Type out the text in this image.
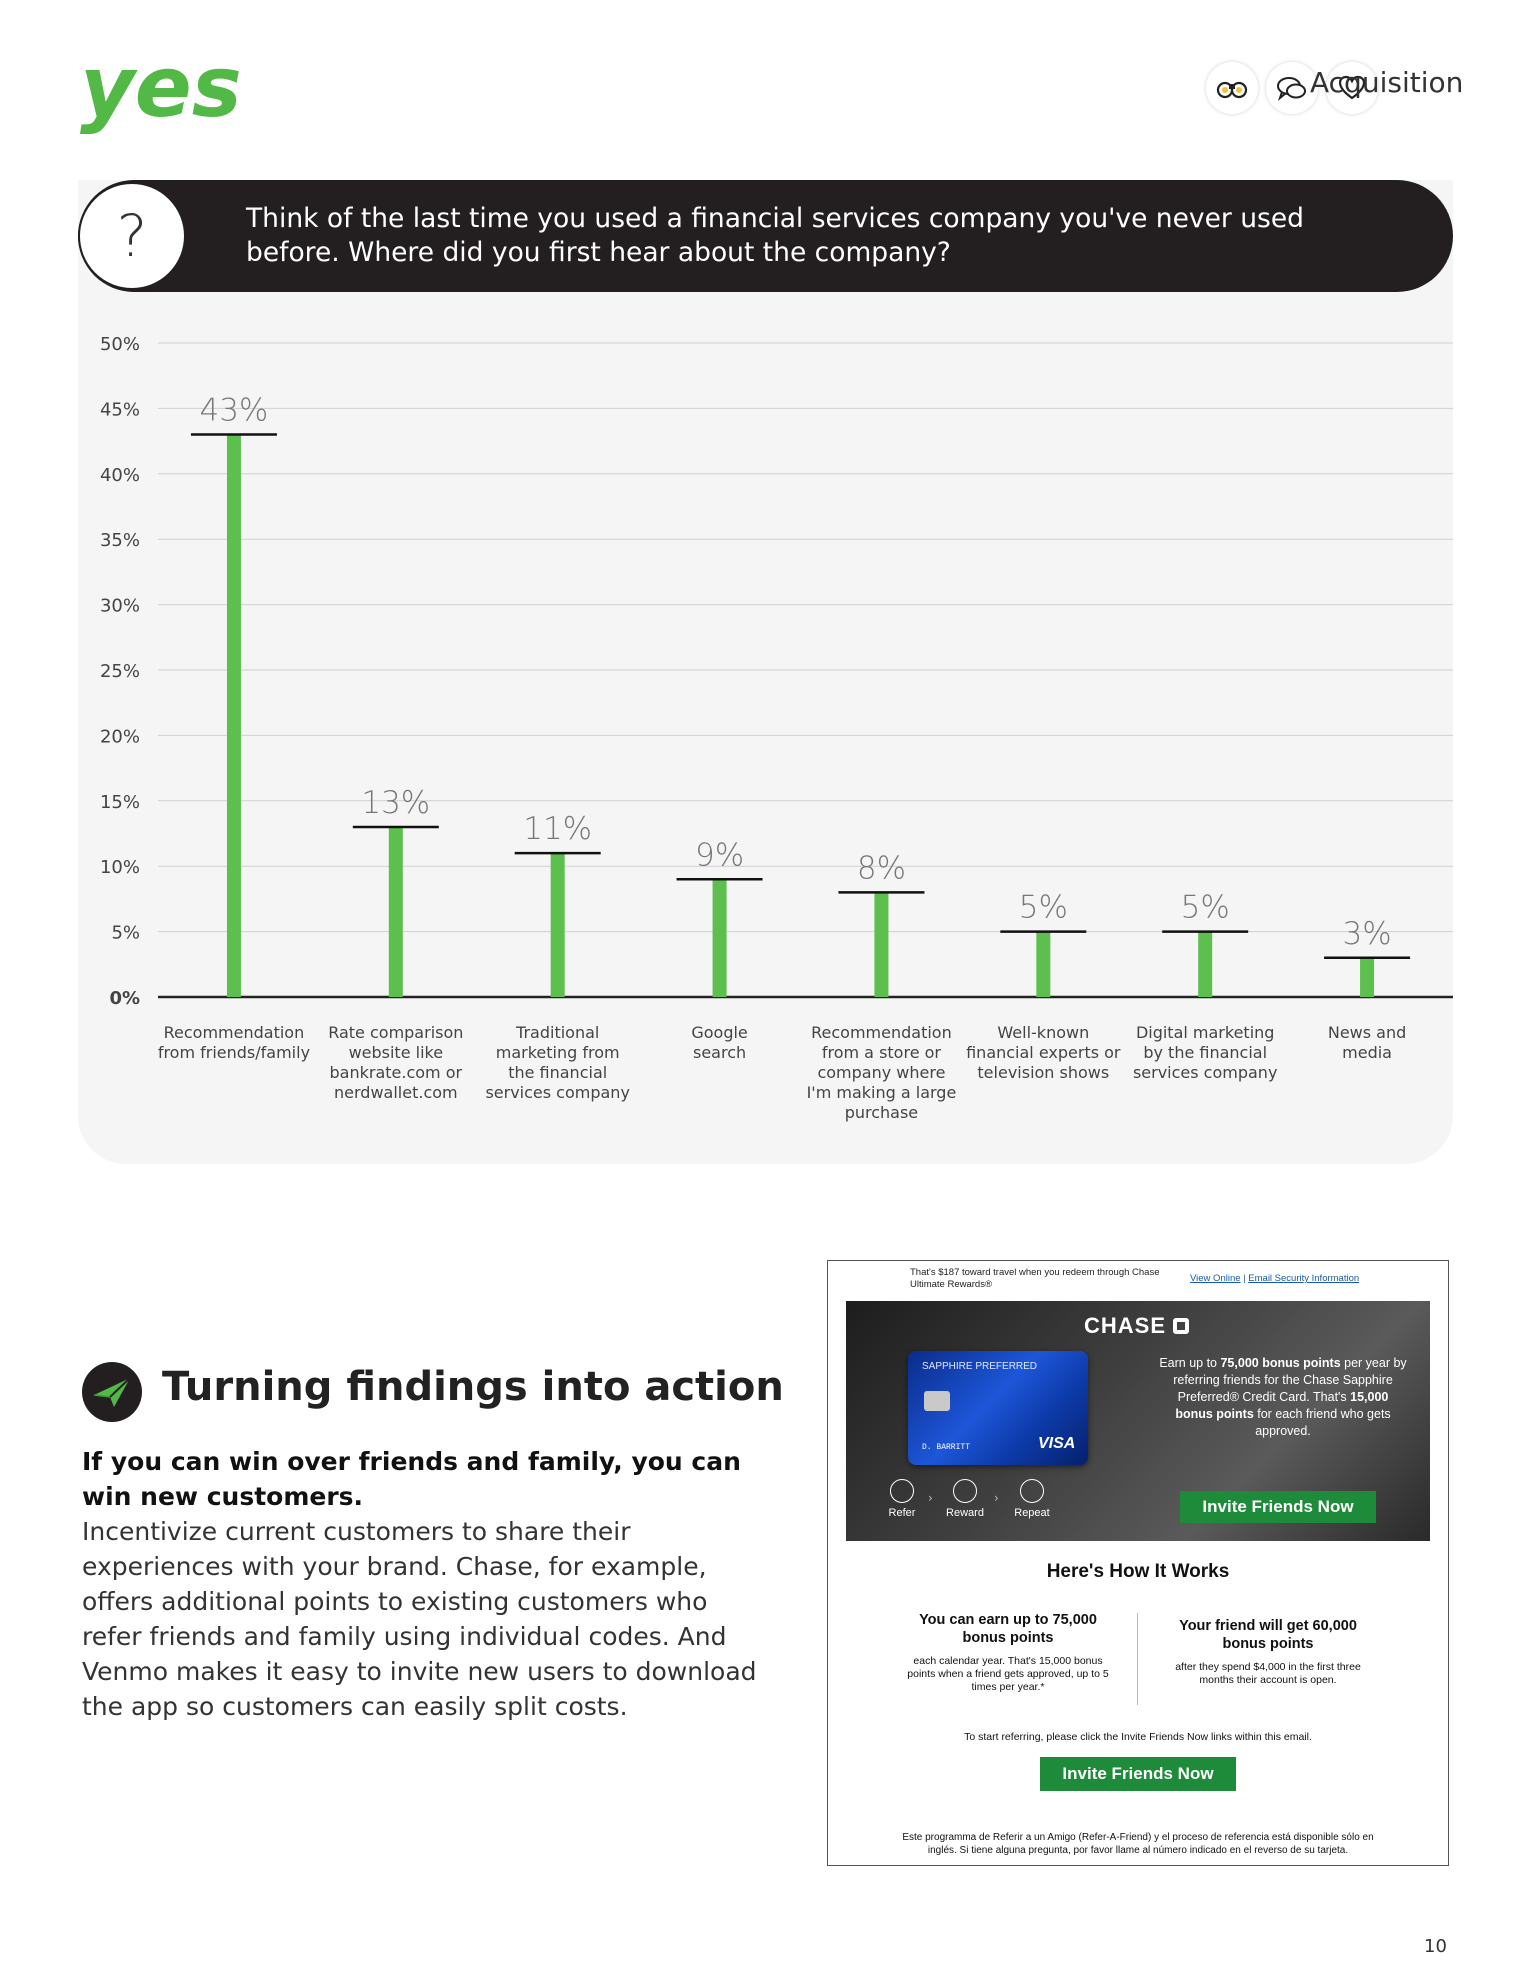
yes	Acquisition
?	Think of the last time you used a financial services company you've never used before. Where did you first hear about the company?
0%
5%
10%
15%
20%
25%
30%
35%
40%
45%
50%
43%
13%
11%
9%	8%
5%	5%
3%
Recommendation from friends/family
Rate comparison website like bankrate.com or nerdwallet.com
Traditional marketing from the financial services company
Google search
Recommendation from a store or company where I'm making a large purchase
Well-known financial experts or television shows
Digital marketing by the financial services company
News and media
Turning findings into action
If you can win over friends and family, you can win new customers.
Incentivize current customers to share their experiences with your brand. Chase, for example, offers additional points to existing customers who refer friends and family using individual codes. And Venmo makes it easy to invite new users to download the app so customers can easily split costs.
That's $187 toward travel when you redeem through Chase Ultimate Rewards®
View Online | Email Security Information
CHASE
SAPPHIRE PREFERRED
D. BARRITT	VISA
Earn up to 75,000 bonus points per year by referring friends for the Chase Sapphire Preferred® Credit Card. That's 15,000 bonus points for each friend who gets approved.
Refer
›
Reward
›
Repeat	Invite Friends Now
Here's How It Works
You can earn up to 75,000 bonus points
each calendar year. That's 15,000 bonus points when a friend gets approved, up to 5 times per year.*
Your friend will get 60,000 bonus points
after they spend $4,000 in the first three months their account is open.
To start referring, please click the Invite Friends Now links within this email.
Invite Friends Now
Este programma de Referir a un Amigo (Refer-A-Friend) y el proceso de referencia está disponible sólo en inglés. Si tiene alguna pregunta, por favor llame al número indicado en el reverso de su tarjeta.
10
